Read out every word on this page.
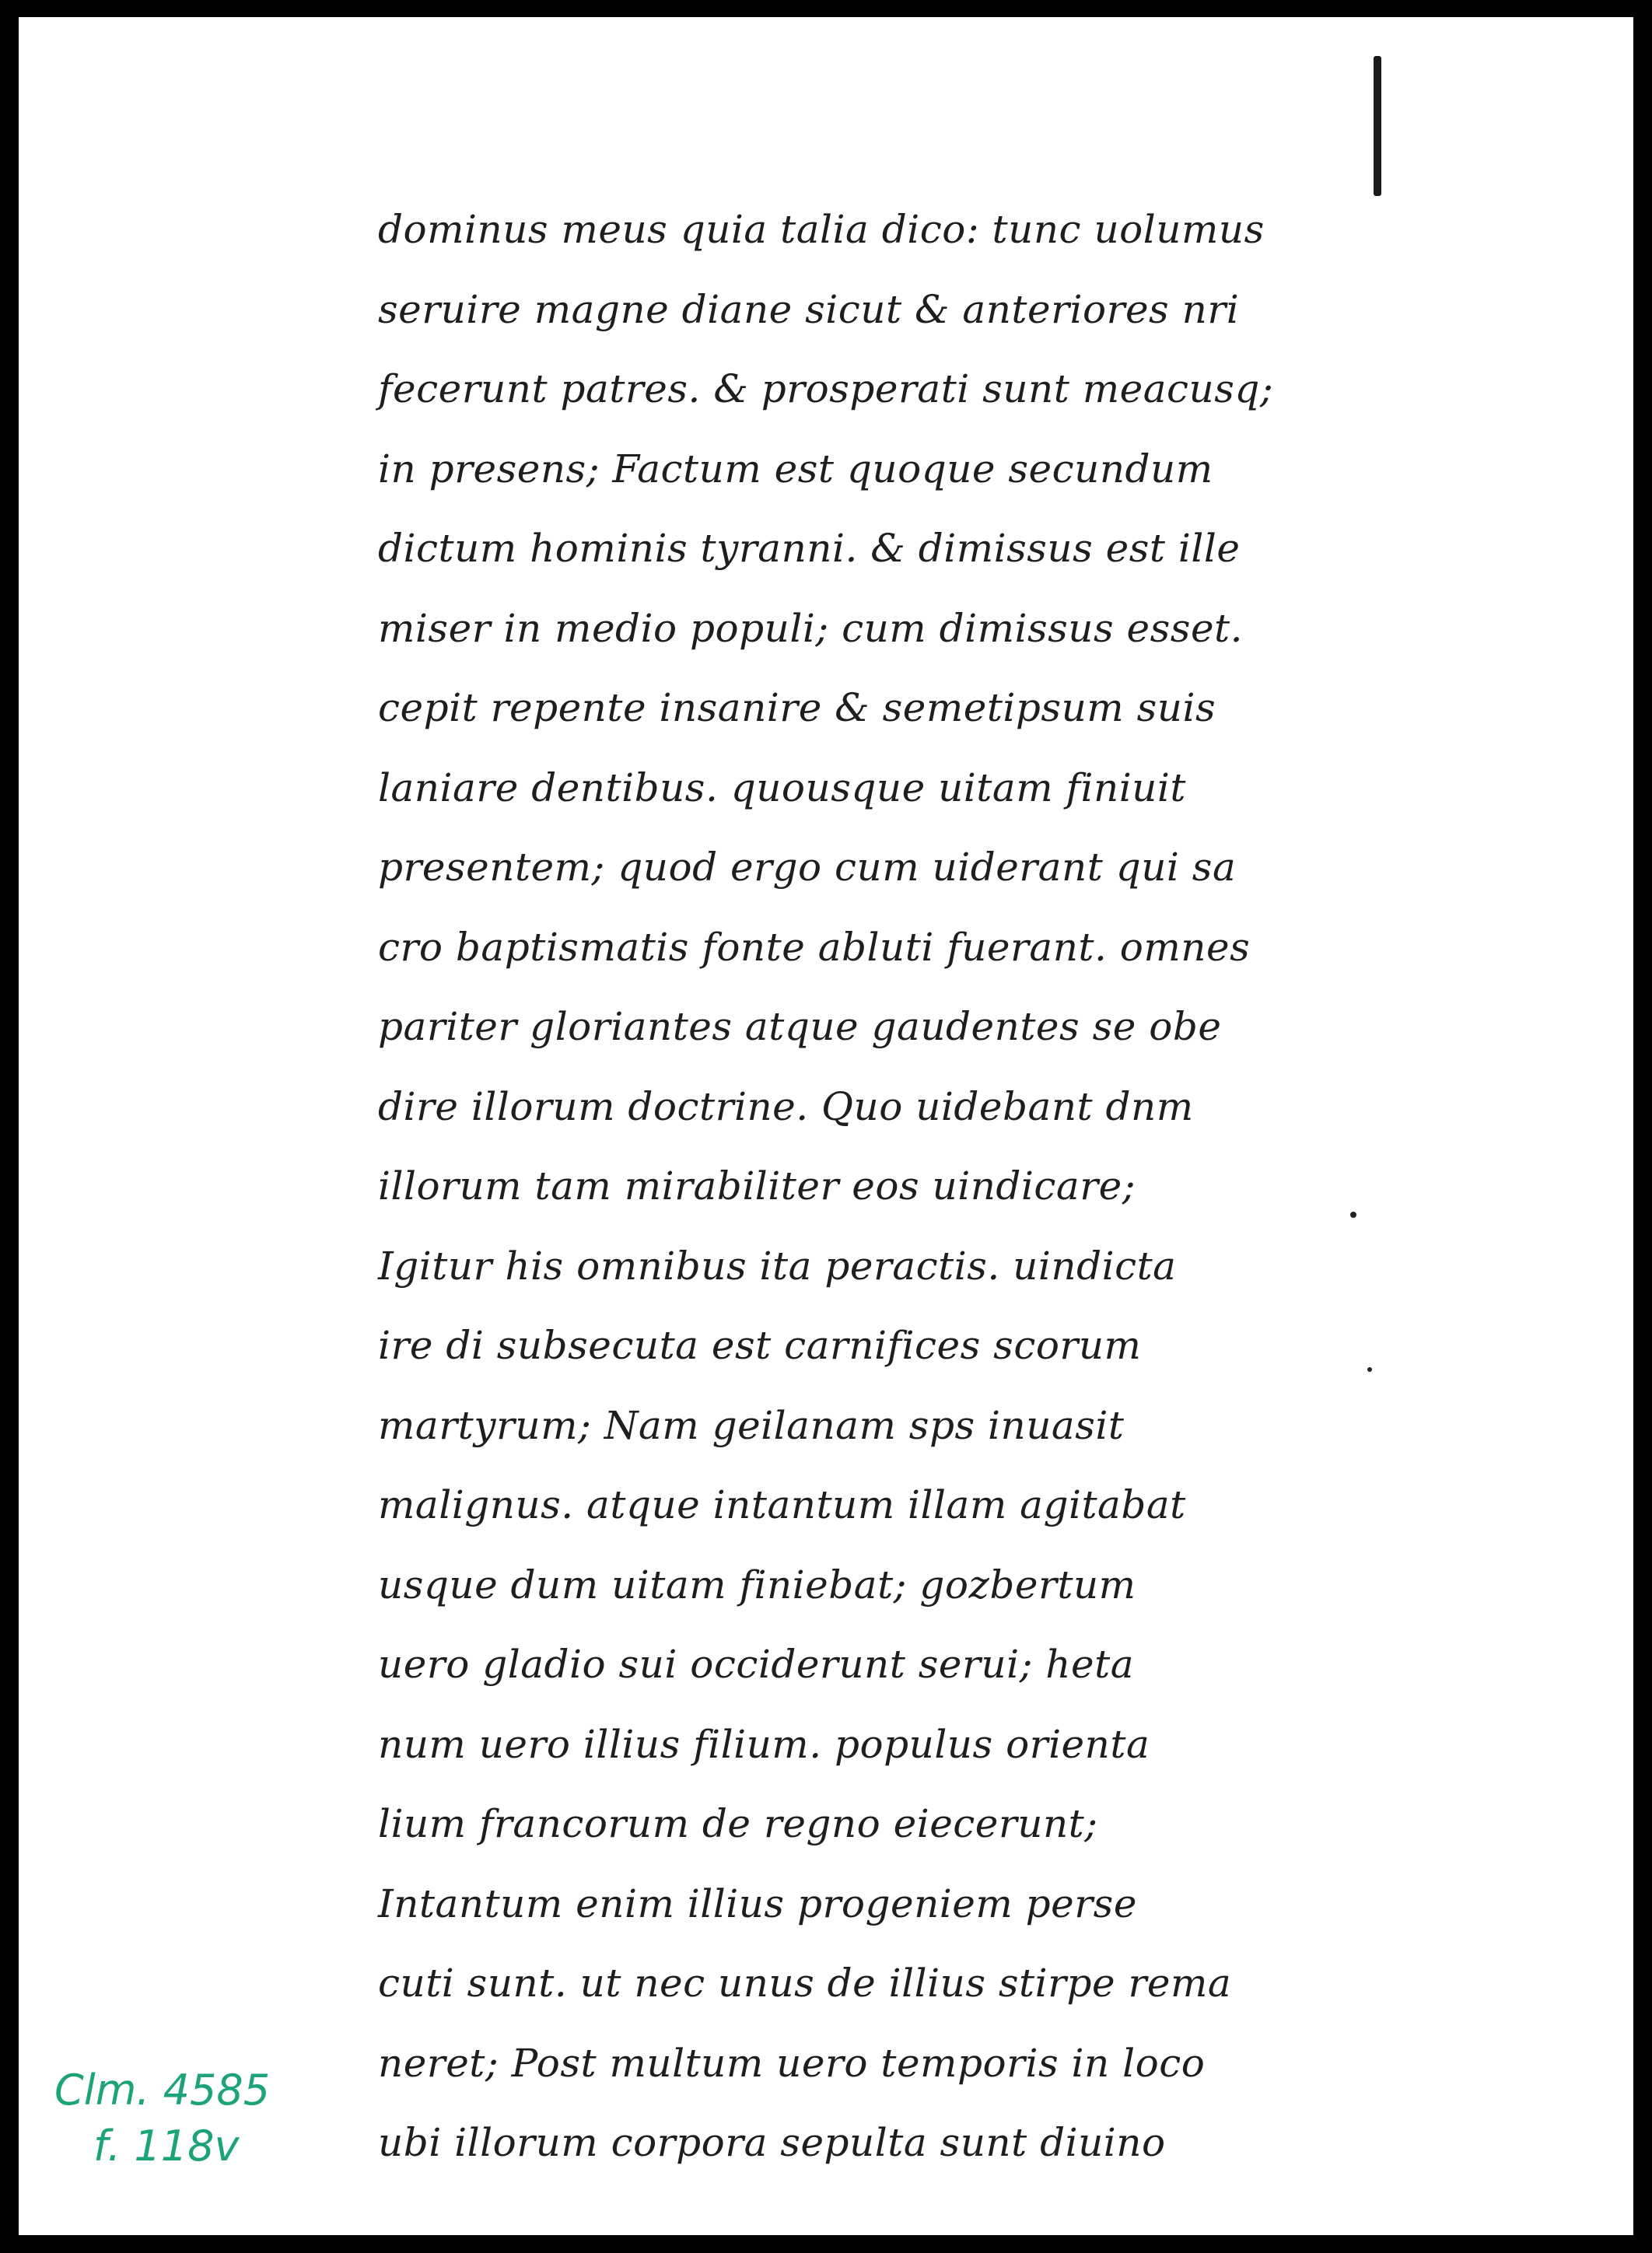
dominus meus quia talia dico: tunc uolumus
seruire magne diane sicut & anteriores nri
fecerunt patres. & prosperati sunt meacusq;
in presens; Factum est quoque secundum
dictum hominis tyranni. & dimissus est ille
miser in medio populi; cum dimissus esset.
cepit repente insanire & semetipsum suis
laniare dentibus. quousque uitam finiuit
presentem; quod ergo cum uiderant qui sa
cro baptismatis fonte abluti fuerant. omnes
pariter gloriantes atque gaudentes se obe
dire illorum doctrine. Quo uidebant dnm
illorum tam mirabiliter eos uindicare;
Igitur his omnibus ita peractis. uindicta
ire di subsecuta est carnifices scorum
martyrum; Nam geilanam sps inuasit
malignus. atque intantum illam agitabat
usque dum uitam finiebat; gozbertum
uero gladio sui occiderunt serui; heta
num uero illius filium. populus orienta
lium francorum de regno eiecerunt;
Intantum enim illius progeniem perse
cuti sunt. ut nec unus de illius stirpe rema
neret; Post multum uero temporis in loco
ubi illorum corpora sepulta sunt diuino
Clm. 4585
f. 118v
